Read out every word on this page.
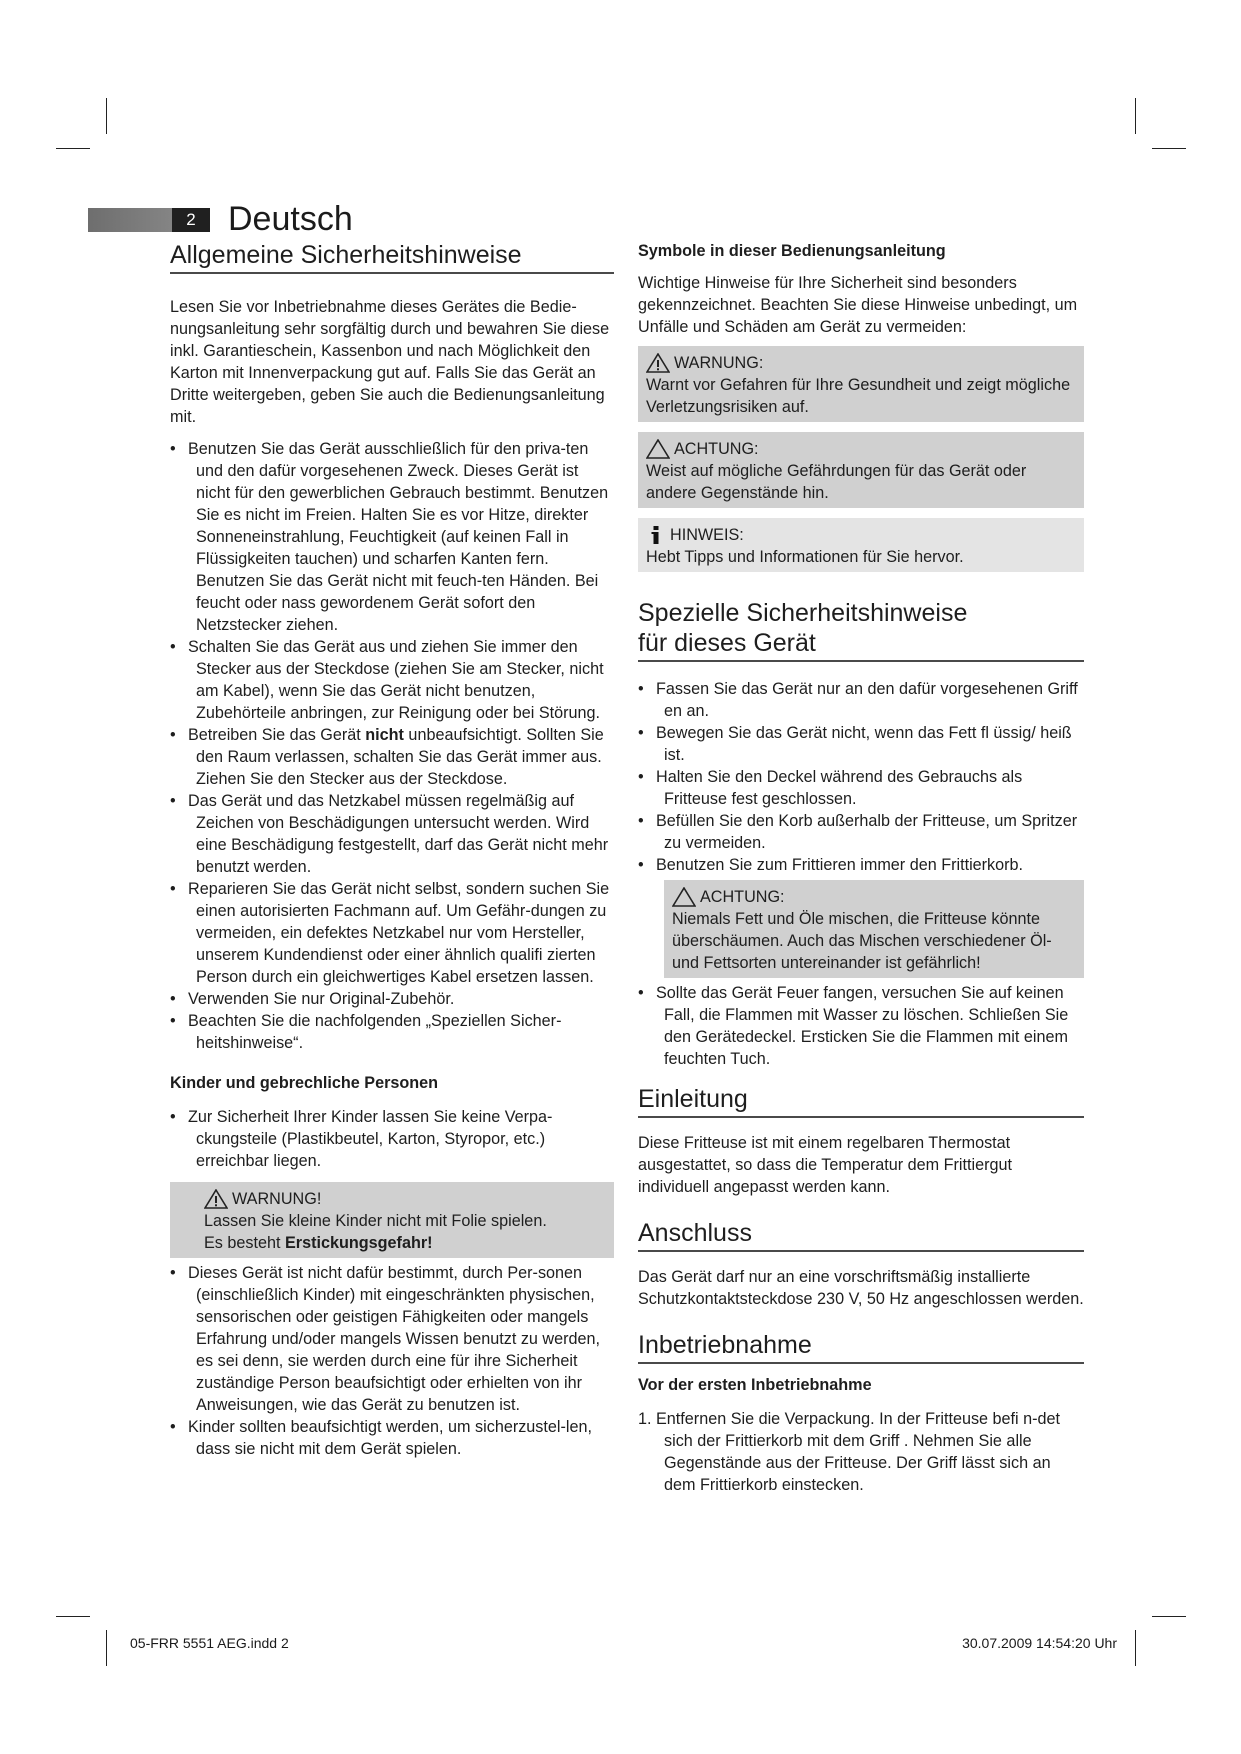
2 Deutsch
Allgemeine Sicherheitshinweise

Lesen Sie vor Inbetriebnahme dieses Gerätes die Bedie-nungsanleitung sehr sorgfältig durch und bewahren Sie diese inkl. Garantieschein, Kassenbon und nach Möglichkeit den Karton mit Innenverpackung gut auf. Falls Sie das Gerät an Dritte weitergeben, geben Sie auch die Bedienungsanleitung mit.

• Benutzen Sie das Gerät ausschließlich für den priva-ten und den dafür vorgesehenen Zweck. Dieses Gerät ist nicht für den gewerblichen Gebrauch bestimmt. Benutzen Sie es nicht im Freien. Halten Sie es vor Hitze, direkter Sonneneinstrahlung, Feuchtigkeit (auf keinen Fall in Flüssigkeiten tauchen) und scharfen Kanten fern. Benutzen Sie das Gerät nicht mit feuch-ten Händen. Bei feucht oder nass gewordenem Gerät sofort den Netzstecker ziehen.
• Schalten Sie das Gerät aus und ziehen Sie immer den Stecker aus der Steckdose (ziehen Sie am Stecker, nicht am Kabel), wenn Sie das Gerät nicht benutzen, Zubehörteile anbringen, zur Reinigung oder bei Störung.
• Betreiben Sie das Gerät nicht unbeaufsichtigt. Sollten Sie den Raum verlassen, schalten Sie das Gerät immer aus. Ziehen Sie den Stecker aus der Steckdose.
• Das Gerät und das Netzkabel müssen regelmäßig auf Zeichen von Beschädigungen untersucht werden. Wird eine Beschädigung festgestellt, darf das Gerät nicht mehr benutzt werden.
• Reparieren Sie das Gerät nicht selbst, sondern suchen Sie einen autorisierten Fachmann auf. Um Gefähr-dungen zu vermeiden, ein defektes Netzkabel nur vom Hersteller, unserem Kundendienst oder einer ähnlich qualifi zierten Person durch ein gleichwertiges Kabel ersetzen lassen.
• Verwenden Sie nur Original-Zubehör.
• Beachten Sie die nachfolgenden „Speziellen Sicher-heitshinweise“.
Kinder und gebrechliche Personen
• Zur Sicherheit Ihrer Kinder lassen Sie keine Verpa-ckungsteile (Plastikbeutel, Karton, Styropor, etc.) erreichbar liegen.
WARNUNG!
Lassen Sie kleine Kinder nicht mit Folie spielen.
Es besteht Erstickungsgefahr!
• Dieses Gerät ist nicht dafür bestimmt, durch Per-sonen (einschließlich Kinder) mit eingeschränkten physischen, sensorischen oder geistigen Fähigkeiten oder mangels Erfahrung und/oder mangels Wissen benutzt zu werden, es sei denn, sie werden durch eine für ihre Sicherheit zuständige Person beaufsichtigt oder erhielten von ihr Anweisungen, wie das Gerät zu benutzen ist.
• Kinder sollten beaufsichtigt werden, um sicherzustel-len, dass sie nicht mit dem Gerät spielen.
Symbole in dieser Bedienungsanleitung

Wichtige Hinweise für Ihre Sicherheit sind besonders gekennzeichnet. Beachten Sie diese Hinweise unbedingt, um Unfälle und Schäden am Gerät zu vermeiden:

WARNUNG:
Warnt vor Gefahren für Ihre Gesundheit und zeigt mögliche Verletzungsrisiken auf.
ACHTUNG:
Weist auf mögliche Gefährdungen für das Gerät oder andere Gegenstände hin.
HINWEIS:
Hebt Tipps und Informationen für Sie hervor.
Spezielle Sicherheitshinweise
für dieses Gerät
• Fassen Sie das Gerät nur an den dafür vorgesehenen Griff en an.
• Bewegen Sie das Gerät nicht, wenn das Fett fl üssig/ heiß ist.
• Halten Sie den Deckel während des Gebrauchs als Fritteuse fest geschlossen.
• Befüllen Sie den Korb außerhalb der Fritteuse, um Spritzer zu vermeiden.
• Benutzen Sie zum Frittieren immer den Frittierkorb.
ACHTUNG:
Niemals Fett und Öle mischen, die Fritteuse könnte überschäumen. Auch das Mischen verschiedener Öl- und Fettsorten untereinander ist gefährlich!
• Sollte das Gerät Feuer fangen, versuchen Sie auf keinen Fall, die Flammen mit Wasser zu löschen. Schließen Sie den Gerätedeckel. Ersticken Sie die Flammen mit einem feuchten Tuch.
Einleitung

Diese Fritteuse ist mit einem regelbaren Thermostat ausgestattet, so dass die Temperatur dem Frittiergut individuell angepasst werden kann.

Anschluss

Das Gerät darf nur an eine vorschriftsmäßig installierte Schutzkontaktsteckdose 230 V, 50 Hz angeschlossen werden.

Inbetriebnahme
Vor der ersten Inbetriebnahme
1. Entfernen Sie die Verpackung. In der Fritteuse befi n-det sich der Frittierkorb mit dem Griff . Nehmen Sie alle Gegenstände aus der Fritteuse. Der Griff lässt sich an dem Frittierkorb einstecken.
05-FRR 5551 AEG.indd 2	30.07.2009 14:54:20 Uhr
